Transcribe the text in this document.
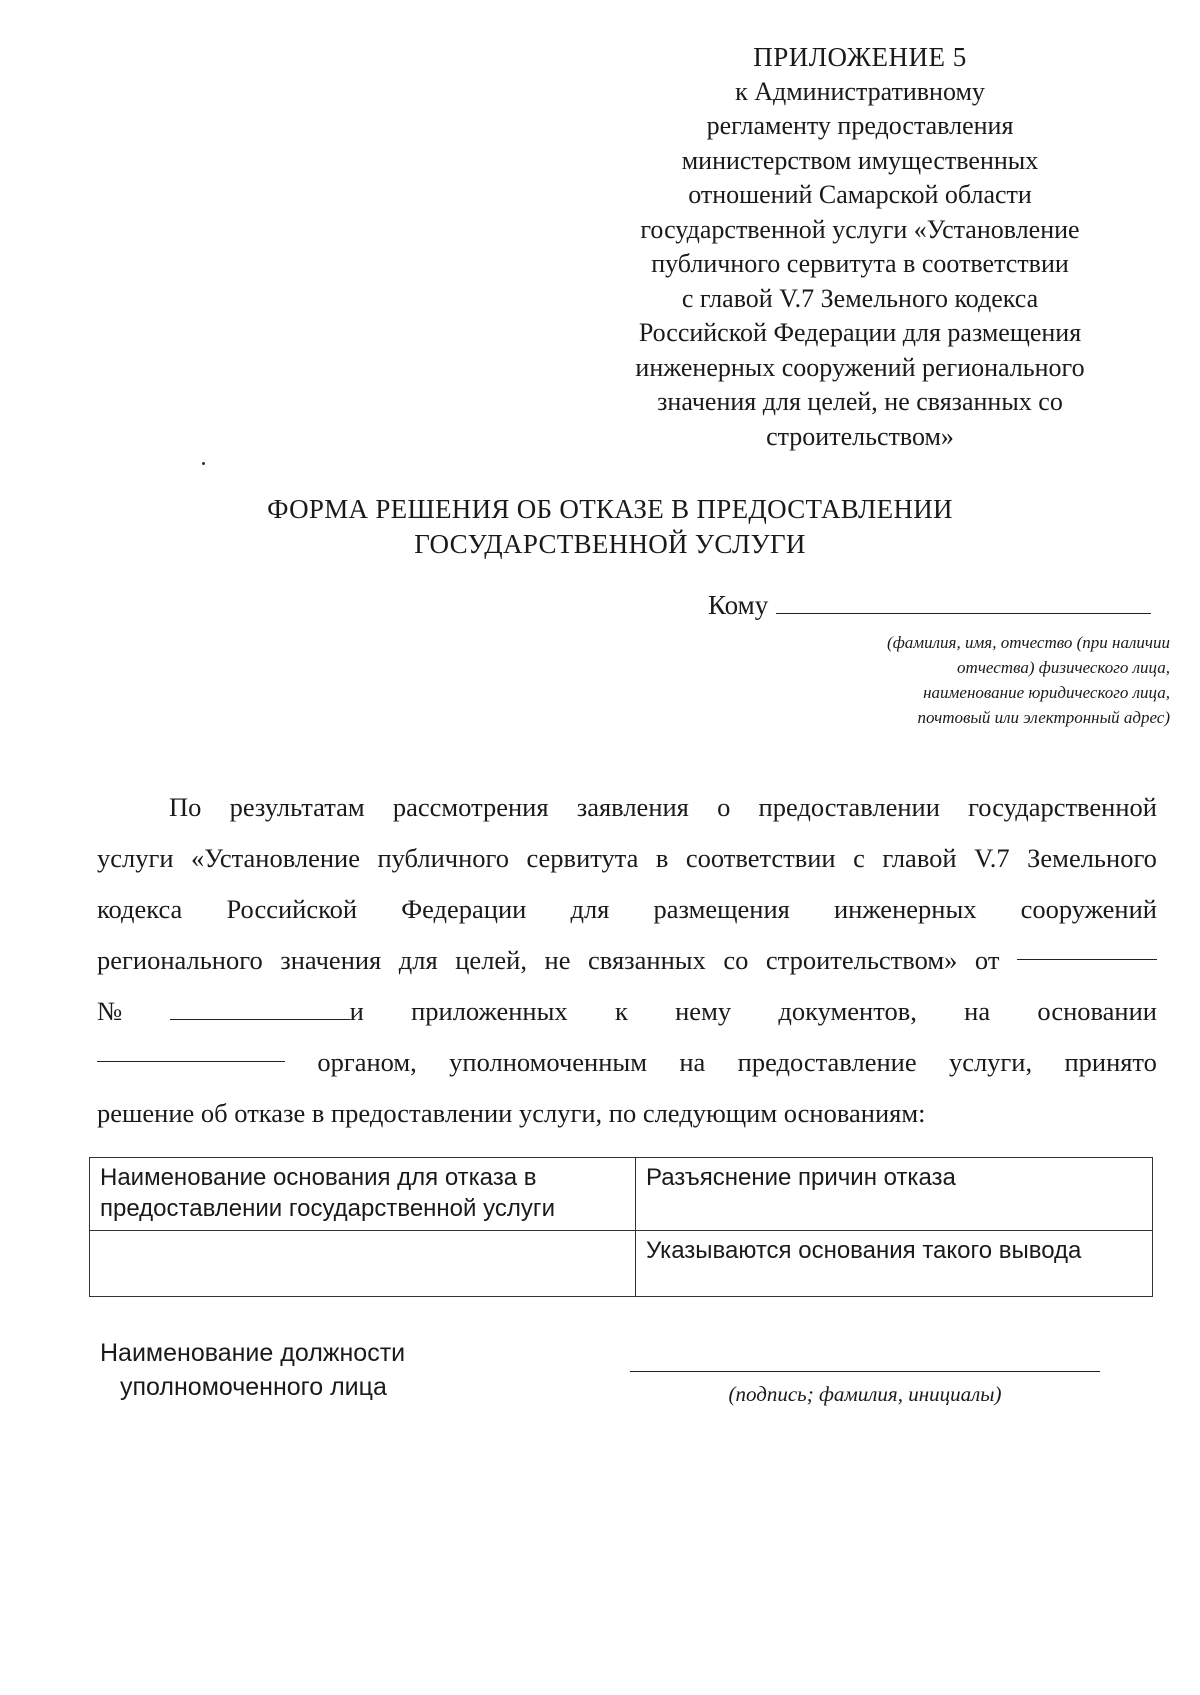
ПРИЛОЖЕНИЕ 5
к Административному
регламенту предоставления
министерством имущественных
отношений Самарской области
государственной услуги «Установление
публичного сервитута в соответствии
с главой V.7 Земельного кодекса
Российской Федерации для размещения
инженерных сооружений регионального
значения для целей, не связанных со
строительством»
ФОРМА РЕШЕНИЯ ОБ ОТКАЗЕ В ПРЕДОСТАВЛЕНИИ
ГОСУДАРСТВЕННОЙ УСЛУГИ
Кому
(фамилия, имя, отчество (при наличии
отчества) физического лица,
наименование юридического лица,
почтовый или электронный адрес)
По результатам рассмотрения заявления о предоставлении государственной
услуги «Установление публичного сервитута в соответствии с главой V.7 Земельного
кодекса Российской Федерации для размещения инженерных сооружений
регионального значения для целей, не связанных со строительством» от
№	и приложенных к нему документов, на основании
органом, уполномоченным на предоставление услуги, принято
решение об отказе в предоставлении услуги, по следующим основаниям:
Наименование основания для отказа в предоставлении государственной услуги	Разъяснение причин отказа
	Указываются основания такого вывода
Наименование должности
уполномоченного лица	(подпись; фамилия, инициалы)
